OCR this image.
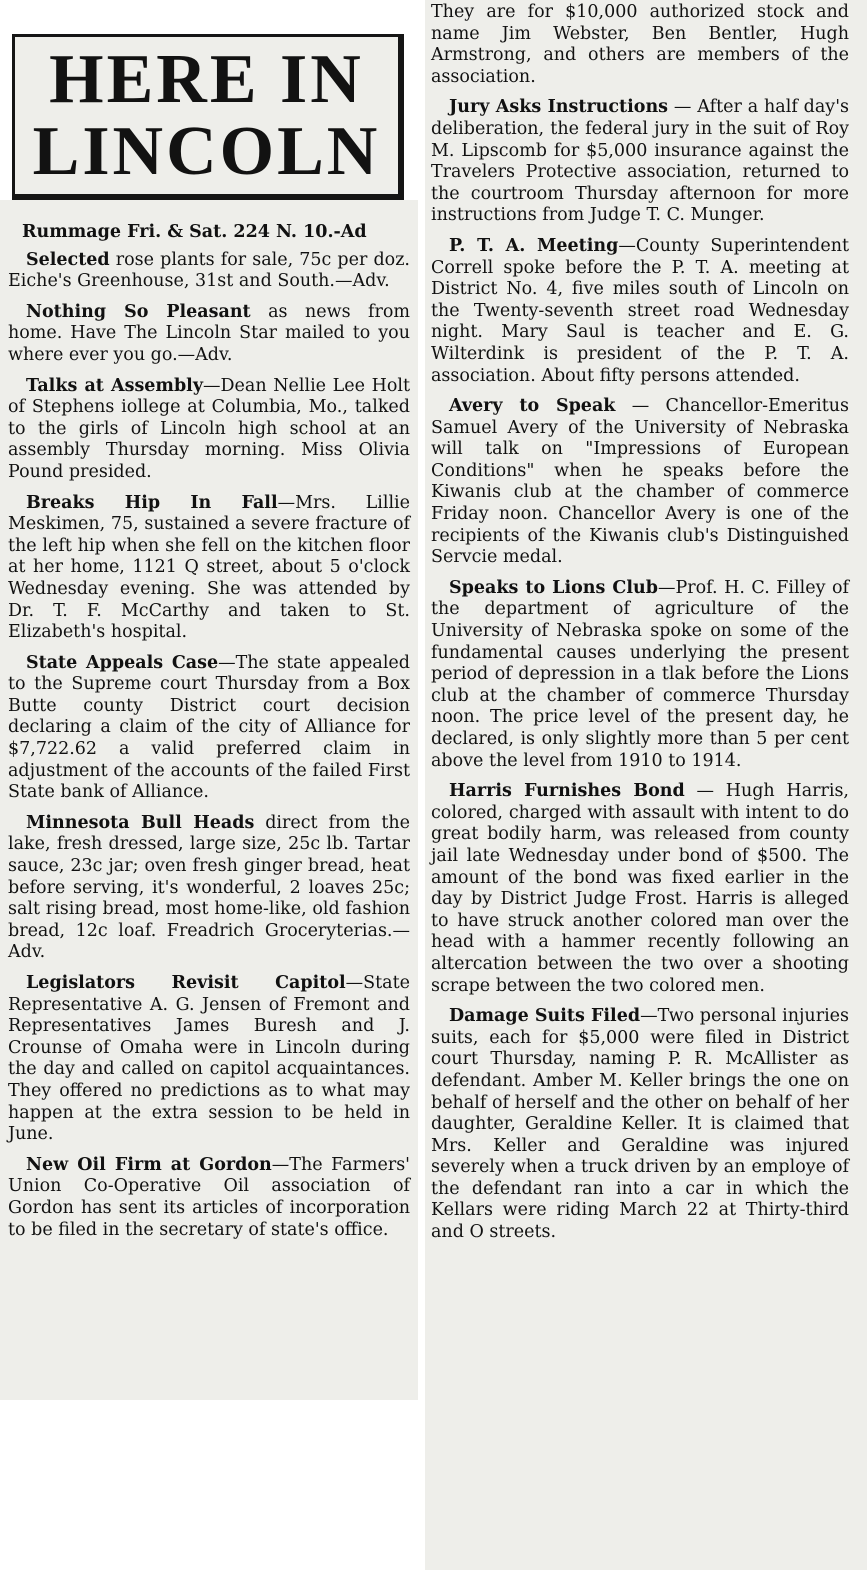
HERE IN
LINCOLN

Rummage Fri. & Sat. 224 N. 10.-Ad

Selected rose plants for sale, 75c per doz. Eiche's Greenhouse, 31st and South.—Adv.

Nothing So Pleasant as news from home. Have The Lincoln Star mailed to you where ever you go.—Adv.

Talks at Assembly—Dean Nellie Lee Holt of Stephens iollege at Columbia, Mo., talked to the girls of Lincoln high school at an assembly Thursday morning. Miss Olivia Pound presided.

Breaks Hip In Fall—Mrs. Lillie Meskimen, 75, sustained a severe fracture of the left hip when she fell on the kitchen floor at her home, 1121 Q street, about 5 o'clock Wednesday evening. She was attended by Dr. T. F. McCarthy and taken to St. Elizabeth's hospital.

State Appeals Case—The state appealed to the Supreme court Thursday from a Box Butte county District court decision declaring a claim of the city of Alliance for $7,722.62 a valid preferred claim in adjustment of the accounts of the failed First State bank of Alliance.

Minnesota Bull Heads direct from the lake, fresh dressed, large size, 25c lb. Tartar sauce, 23c jar; oven fresh ginger bread, heat before serving, it's wonderful, 2 loaves 25c; salt rising bread, most home-like, old fashion bread, 12c loaf. Freadrich Groceryterias.—Adv.

Legislators Revisit Capitol—State Representative A. G. Jensen of Fremont and Representatives James Buresh and J. Crounse of Omaha were in Lincoln during the day and called on capitol acquaintances. They offered no predictions as to what may happen at the extra session to be held in June.

New Oil Firm at Gordon—The Farmers' Union Co-Operative Oil association of Gordon has sent its articles of incorporation to be filed in the secretary of state's office.

They are for $10,000 authorized stock and name Jim Webster, Ben Bentler, Hugh Armstrong, and others are members of the association.

Jury Asks Instructions — After a half day's deliberation, the federal jury in the suit of Roy M. Lipscomb for $5,000 insurance against the Travelers Protective association, returned to the courtroom Thursday afternoon for more instructions from Judge T. C. Munger.

P. T. A. Meeting—County Superintendent Correll spoke before the P. T. A. meeting at District No. 4, five miles south of Lincoln on the Twenty-seventh street road Wednesday night. Mary Saul is teacher and E. G. Wilterdink is president of the P. T. A. association. About fifty persons attended.

Avery to Speak — Chancellor-Emeritus Samuel Avery of the University of Nebraska will talk on "Impressions of European Conditions" when he speaks before the Kiwanis club at the chamber of commerce Friday noon. Chancellor Avery is one of the recipients of the Kiwanis club's Distinguished Servcie medal.

Speaks to Lions Club—Prof. H. C. Filley of the department of agriculture of the University of Nebraska spoke on some of the fundamental causes underlying the present period of depression in a tlak before the Lions club at the chamber of commerce Thursday noon. The price level of the present day, he declared, is only slightly more than 5 per cent above the level from 1910 to 1914.

Harris Furnishes Bond — Hugh Harris, colored, charged with assault with intent to do great bodily harm, was released from county jail late Wednesday under bond of $500. The amount of the bond was fixed earlier in the day by District Judge Frost. Harris is alleged to have struck another colored man over the head with a hammer recently following an altercation between the two over a shooting scrape between the two colored men.

Damage Suits Filed—Two personal injuries suits, each for $5,000 were filed in District court Thursday, naming P. R. McAllister as defendant. Amber M. Keller brings the one on behalf of herself and the other on behalf of her daughter, Geraldine Keller. It is claimed that Mrs. Keller and Geraldine was injured severely when a truck driven by an employe of the defendant ran into a car in which the Kellars were riding March 22 at Thirty-third and O streets.
